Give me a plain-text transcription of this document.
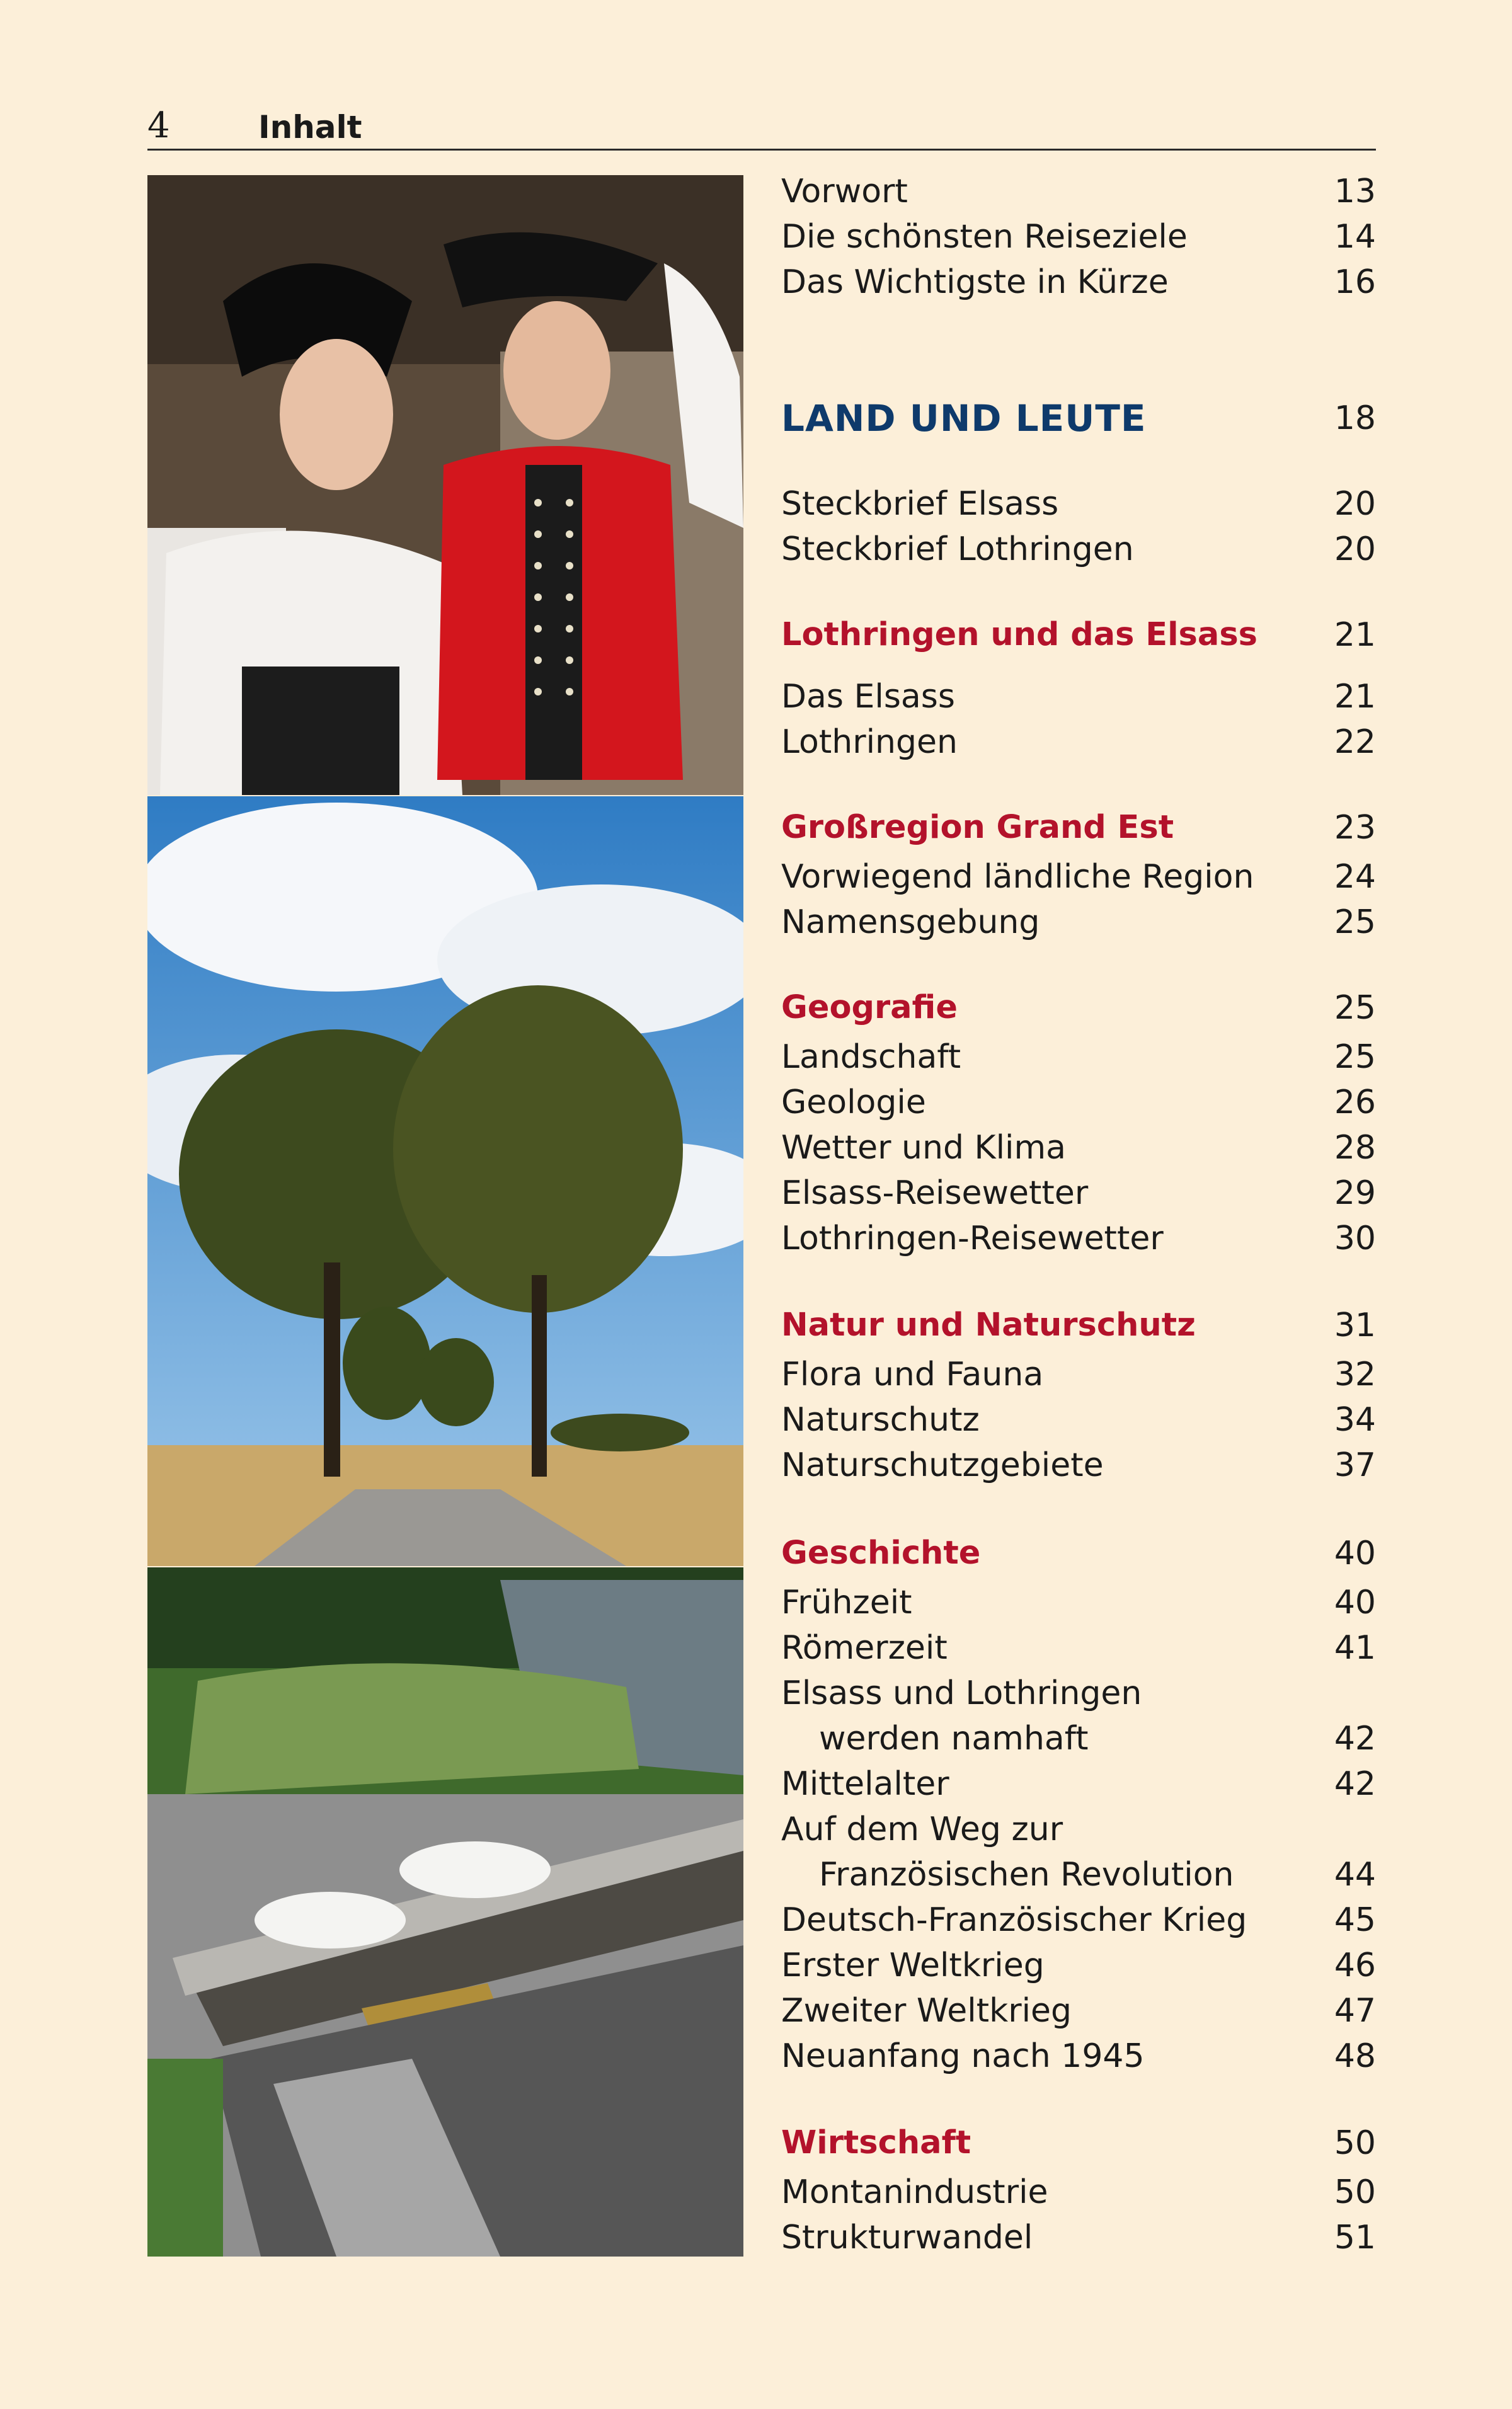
4	Inhalt
Vorwort	13
Die schönsten Reiseziele	14
Das Wichtigste in Kürze	16
LAND UND LEUTE	18
Steckbrief Elsass	20
Steckbrief Lothringen	20
Lothringen und das Elsass 21
Das Elsass	21
Lothringen	22
Großregion Grand Est	23
Vorwiegend ländliche Region 24
Namensgebung	25
Geografie	25
Landschaft	25
Geologie	26
Wetter und Klima	28
Elsass-Reisewetter	29
Lothringen-Reisewetter	30
Natur und Naturschutz	31
Flora und Fauna	32
Naturschutz	34
Naturschutzgebiete	37
Geschichte	40
Frühzeit	40
Römerzeit	41
Elsass und Lothringen
werden namhaft	42
Mittelalter	42
Auf dem Weg zur
Französischen Revolution	44
Deutsch-Französischer Krieg	45
Erster Weltkrieg	46
Zweiter Weltkrieg	47
Neuanfang nach 1945	48
Wirtschaft	50
Montanindustrie	50
Strukturwandel	51
